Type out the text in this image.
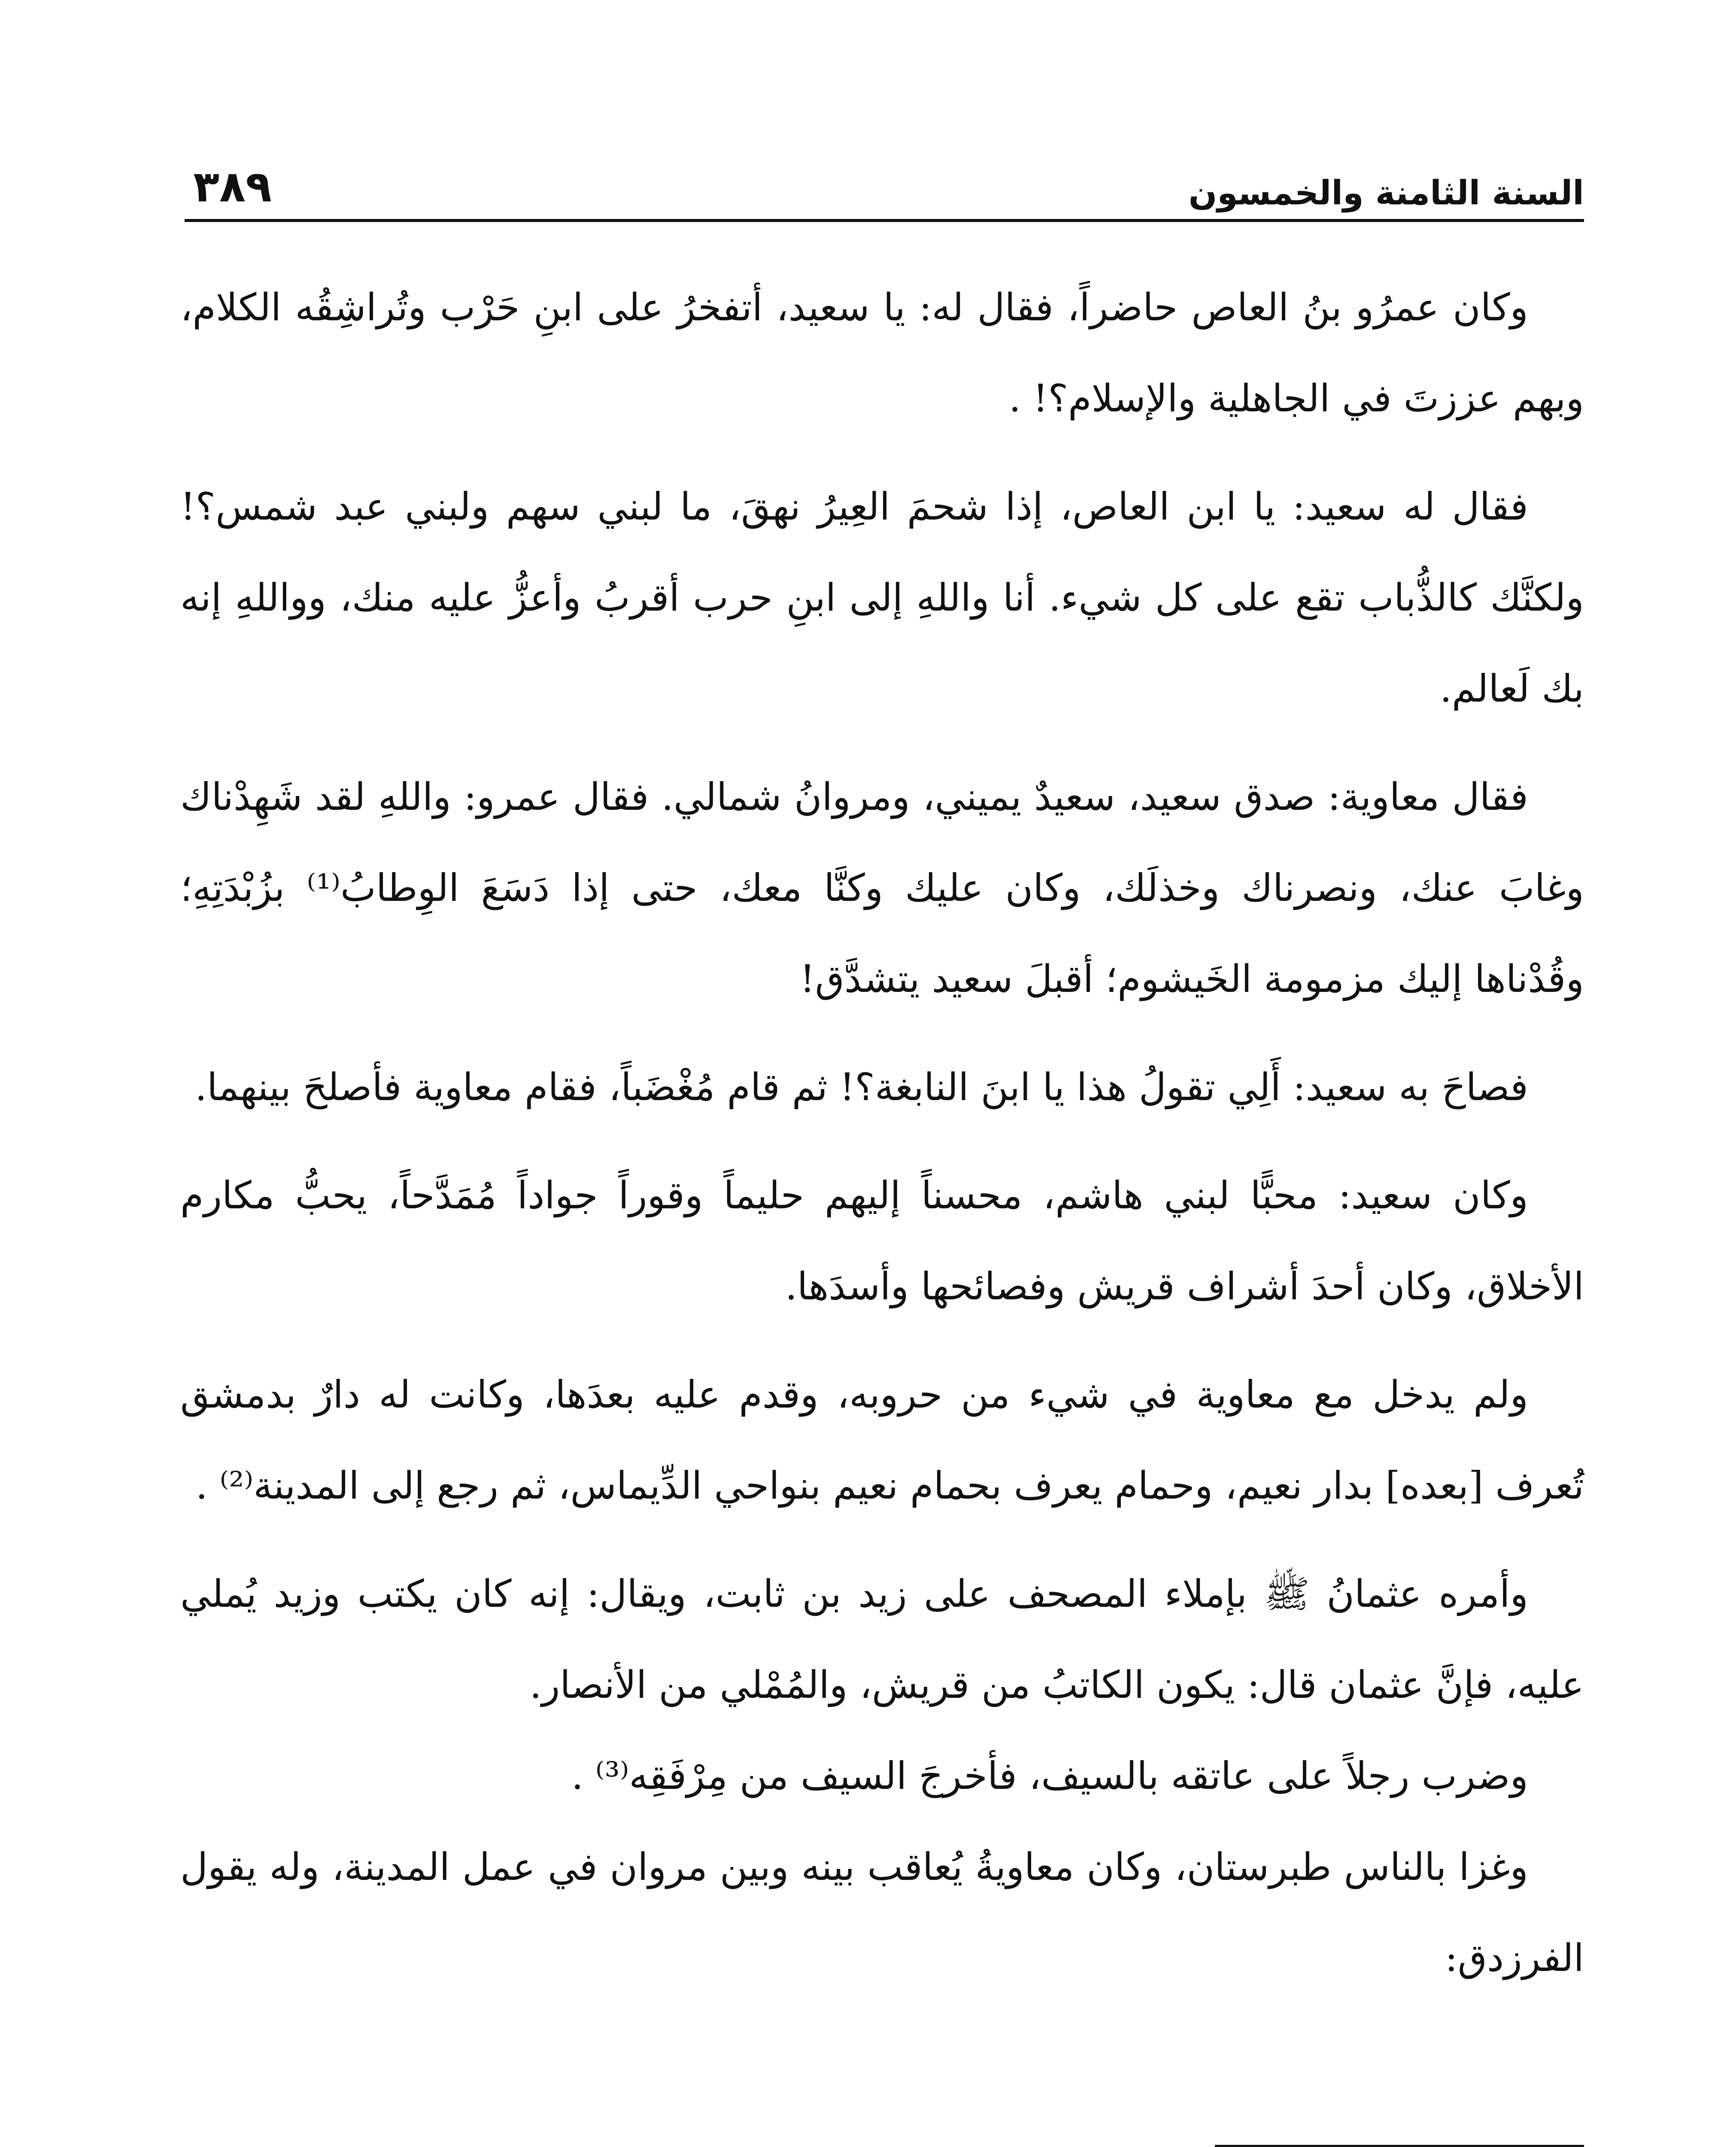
السنة الثامنة والخمسون
٣٨٩

وكان عمرُو بنُ العاص حاضراً، فقال له: يا سعيد، أتفخرُ على ابنِ حَرْب وتُراشِقُه الكلام، وبهم عززتَ في الجاهلية والإسلام؟! .

فقال له سعيد: يا ابن العاص، إذا شحمَ العِيرُ نهقَ، ما لبني سهم ولبني عبد شمس؟! ولكنَّك كالذُّباب تقع على كل شيء. أنا واللهِ إلى ابنِ حرب أقربُ وأعزُّ عليه منك، وواللهِ إنه بك لَعالم.

فقال معاوية: صدق سعيد، سعيدٌ يميني، ومروانُ شمالي. فقال عمرو: واللهِ لقد شَهِدْناك وغابَ عنك، ونصرناك وخذلَك، وكان عليك وكنَّا معك، حتى إذا دَسَعَ الوِطابُ⁽¹⁾ بزُبْدَتِهِ؛ وقُدْناها إليك مزمومة الخَيشوم؛ أقبلَ سعيد يتشدَّق!

فصاحَ به سعيد: أَلِي تقولُ هذا يا ابنَ النابغة؟! ثم قام مُغْضَباً، فقام معاوية فأصلحَ بينهما.

وكان سعيد: محبًّا لبني هاشم، محسناً إليهم حليماً وقوراً جواداً مُمَدَّحاً، يحبُّ مكارم الأخلاق، وكان أحدَ أشراف قريش وفصائحها وأسدَها.

ولم يدخل مع معاوية في شيء من حروبه، وقدم عليه بعدَها، وكانت له دارٌ بدمشق تُعرف [بعده] بدار نعيم، وحمام يعرف بحمام نعيم بنواحي الدِّيماس، ثم رجع إلى المدينة⁽²⁾ .

وأمره عثمانُ ﷺ بإملاء المصحف على زيد بن ثابت، ويقال: إنه كان يكتب وزيد يُملي عليه، فإنَّ عثمان قال: يكون الكاتبُ من قريش، والمُمْلي من الأنصار.

وضرب رجلاً على عاتقه بالسيف، فأخرجَ السيف من مِرْفَقِه⁽³⁾ .

وغزا بالناس طبرستان، وكان معاويةُ يُعاقب بينه وبين مروان في عمل المدينة، وله يقول الفرزدق:
